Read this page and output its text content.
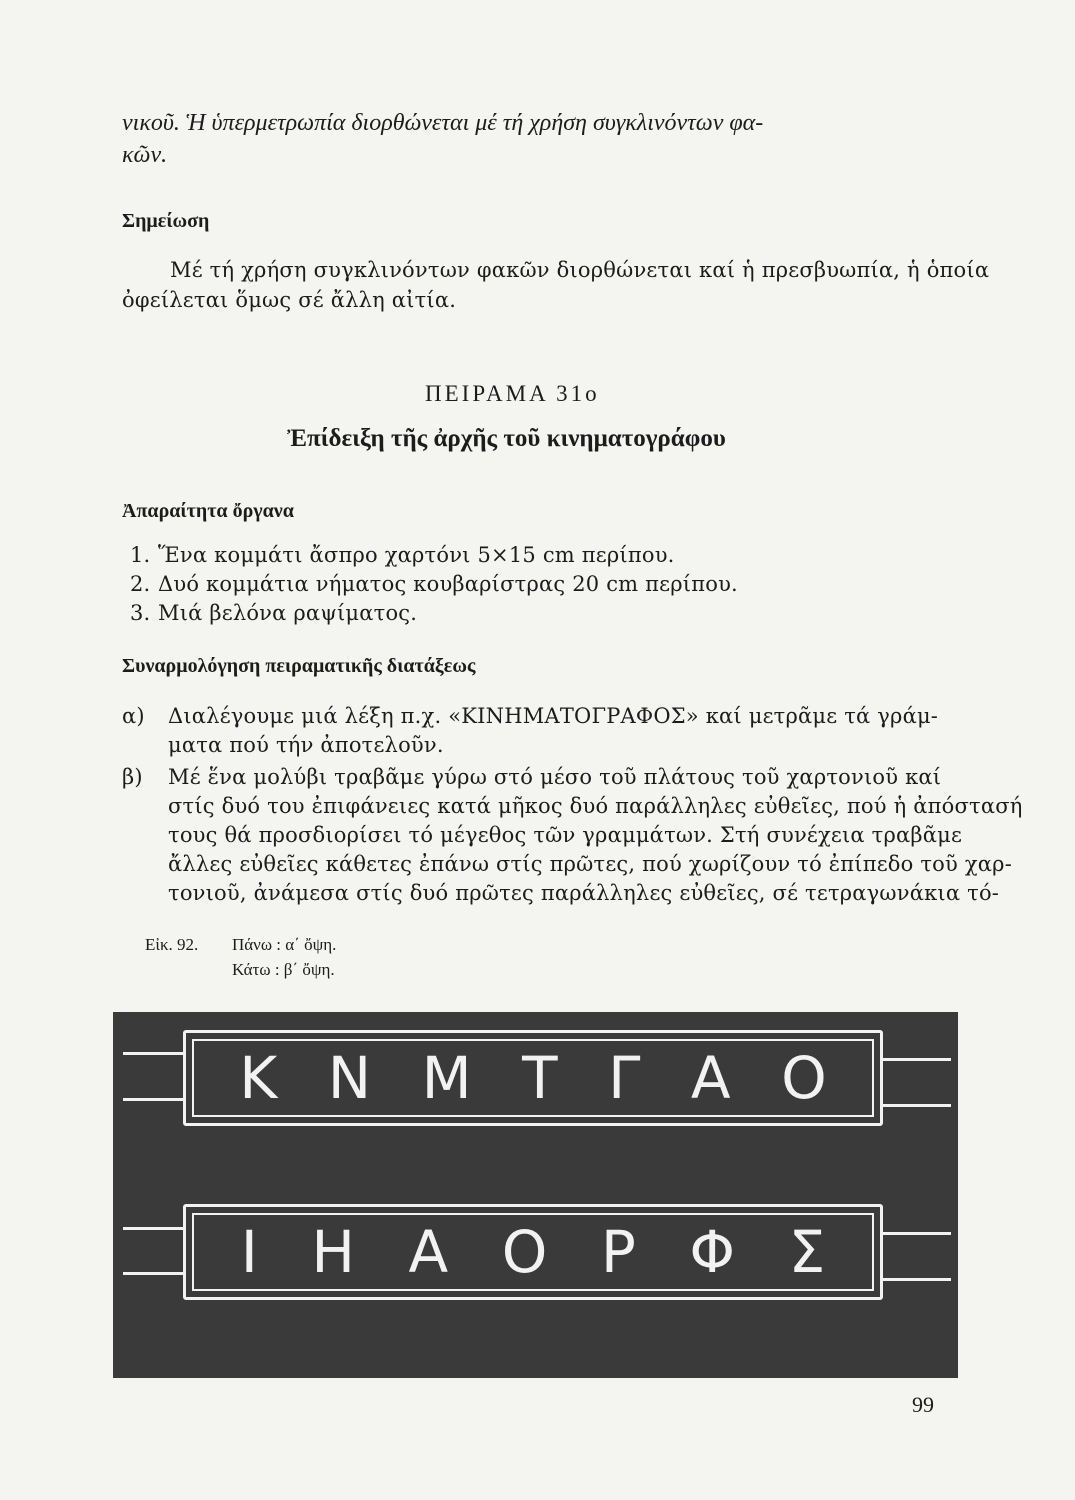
νικοῦ. Ἡ ὑπερμετρωπία διορθώνεται μέ τή χρήση συγκλινόντων φα-

κῶν.

Σημείωση

Μέ τή χρήση συγκλινόντων φακῶν διορθώνεται καί ἡ πρεσβυωπία, ἡ ὁποία

ὀφείλεται ὅμως σέ ἄλλη αἰτία.

ΠΕΙΡΑΜΑ 31ο

Ἐπίδειξη τῆς ἀρχῆς τοῦ κινηματογράφου

Ἀπαραίτητα ὄργανα

1. Ἕνα κομμάτι ἄσπρο χαρτόνι 5×15 cm περίπου.

2. Δυό κομμάτια νήματος κουβαρίστρας 20 cm περίπου.

3. Μιά βελόνα ραψίματος.

Συναρμολόγηση πειραματικῆς διατάξεως

α) Διαλέγουμε μιά λέξη π.χ. «ΚΙΝΗΜΑΤΟΓΡΑΦΟΣ» καί μετρᾶμε τά γράμ-

ματα πού τήν ἀποτελοῦν.

β) Μέ ἕνα μολύβι τραβᾶμε γύρω στό μέσο τοῦ πλάτους τοῦ χαρτονιοῦ καί

στίς δυό του ἐπιφάνειες κατά μῆκος δυό παράλληλες εὐθεῖες, πού ἡ ἀπόστασή

τους θά προσδιορίσει τό μέγεθος τῶν γραμμάτων. Στή συνέχεια τραβᾶμε

ἄλλες εὐθεῖες κάθετες ἐπάνω στίς πρῶτες, πού χωρίζουν τό ἐπίπεδο τοῦ χαρ-

τονιοῦ, ἀνάμεσα στίς δυό πρῶτες παράλληλες εὐθεῖες, σέ τετραγωνάκια τό-

Εἰκ. 92. Πάνω : α΄ ὄψη.

Κάτω : β΄ ὄψη.

Κ Ν Μ Τ Γ Α Ο
Ι Η Α Ο Ρ Φ Σ

99
